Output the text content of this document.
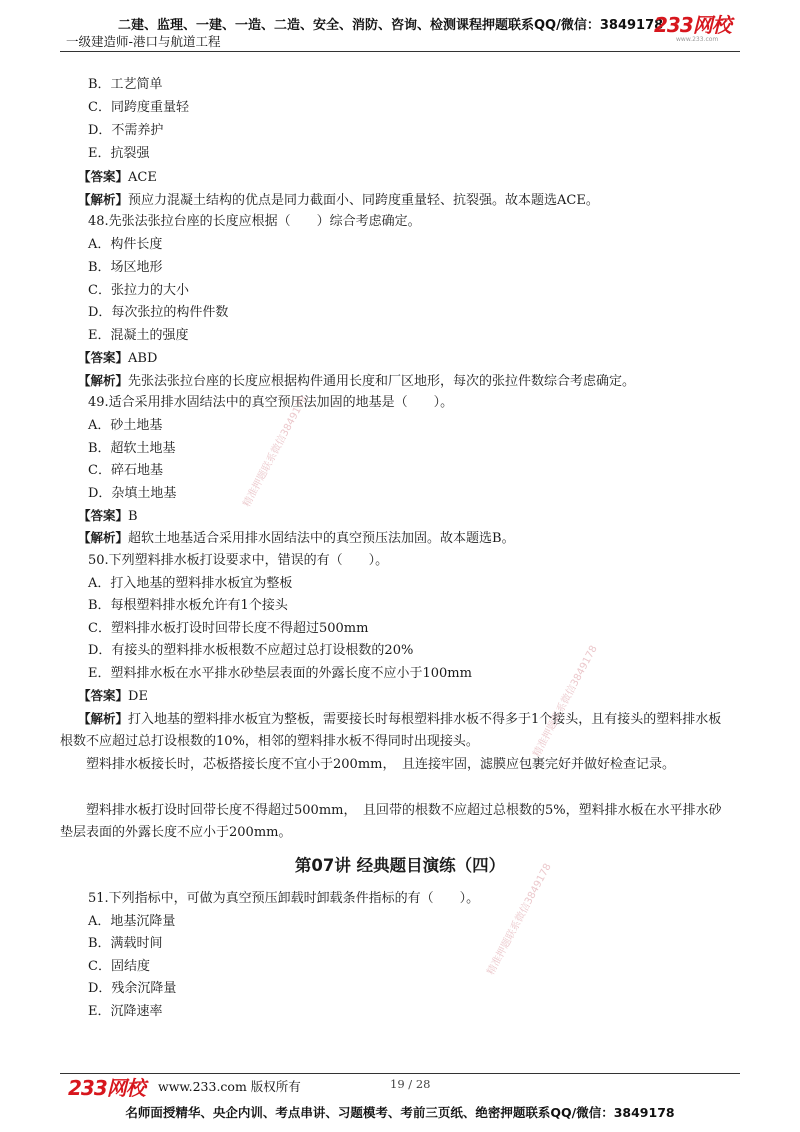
二建、监理、一建、一造、二造、安全、消防、咨询、检测课程押题联系QQ/微信：3849178
一级建造师-港口与航道工程
233网校
www.233.com
精准押题联系微信3849178
精准押题联系微信3849178
精准押题联系微信3849178
B．工艺简单
C．同跨度重量轻
D．不需养护
E．抗裂强
【答案】ACE
【解析】预应力混凝土结构的优点是同力截面小、同跨度重量轻、抗裂强。故本题选ACE。
48.先张法张拉台座的长度应根据（　　）综合考虑确定。
A．构件长度
B．场区地形
C．张拉力的大小
D．每次张拉的构件件数
E．混凝土的强度
【答案】ABD
【解析】先张法张拉台座的长度应根据构件通用长度和厂区地形，每次的张拉件数综合考虑确定。
49.适合采用排水固结法中的真空预压法加固的地基是（　　）。
A．砂土地基
B．超软土地基
C．碎石地基
D．杂填土地基
【答案】B
【解析】超软土地基适合采用排水固结法中的真空预压法加固。故本题选B。
50.下列塑料排水板打设要求中，错误的有（　　）。
A．打入地基的塑料排水板宜为整板
B．每根塑料排水板允许有1个接头
C．塑料排水板打设时回带长度不得超过500mm
D．有接头的塑料排水板根数不应超过总打设根数的20%
E．塑料排水板在水平排水砂垫层表面的外露长度不应小于100mm
【答案】DE
【解析】打入地基的塑料排水板宜为整板，需要接长时每根塑料排水板不得多于1个接头，且有接头的塑料排水板根数不应超过总打设根数的10%，相邻的塑料排水板不得同时出现接头。
塑料排水板接长时，芯板搭接长度不宜小于200mm，　且连接牢固，滤膜应包裹完好并做好检查记录。
塑料排水板打设时回带长度不得超过500mm，　且回带的根数不应超过总根数的5%，塑料排水板在水平排水砂垫层表面的外露长度不应小于200mm。
第07讲 经典题目演练（四）
51.下列指标中，可做为真空预压卸载时卸载条件指标的有（　　）。
A．地基沉降量
B．满载时间
C．固结度
D．残余沉降量
E．沉降速率
233网校 www.233.com 版权所有	19 / 28
名师面授精华、央企内训、考点串讲、习题模考、考前三页纸、绝密押题联系QQ/微信：3849178
